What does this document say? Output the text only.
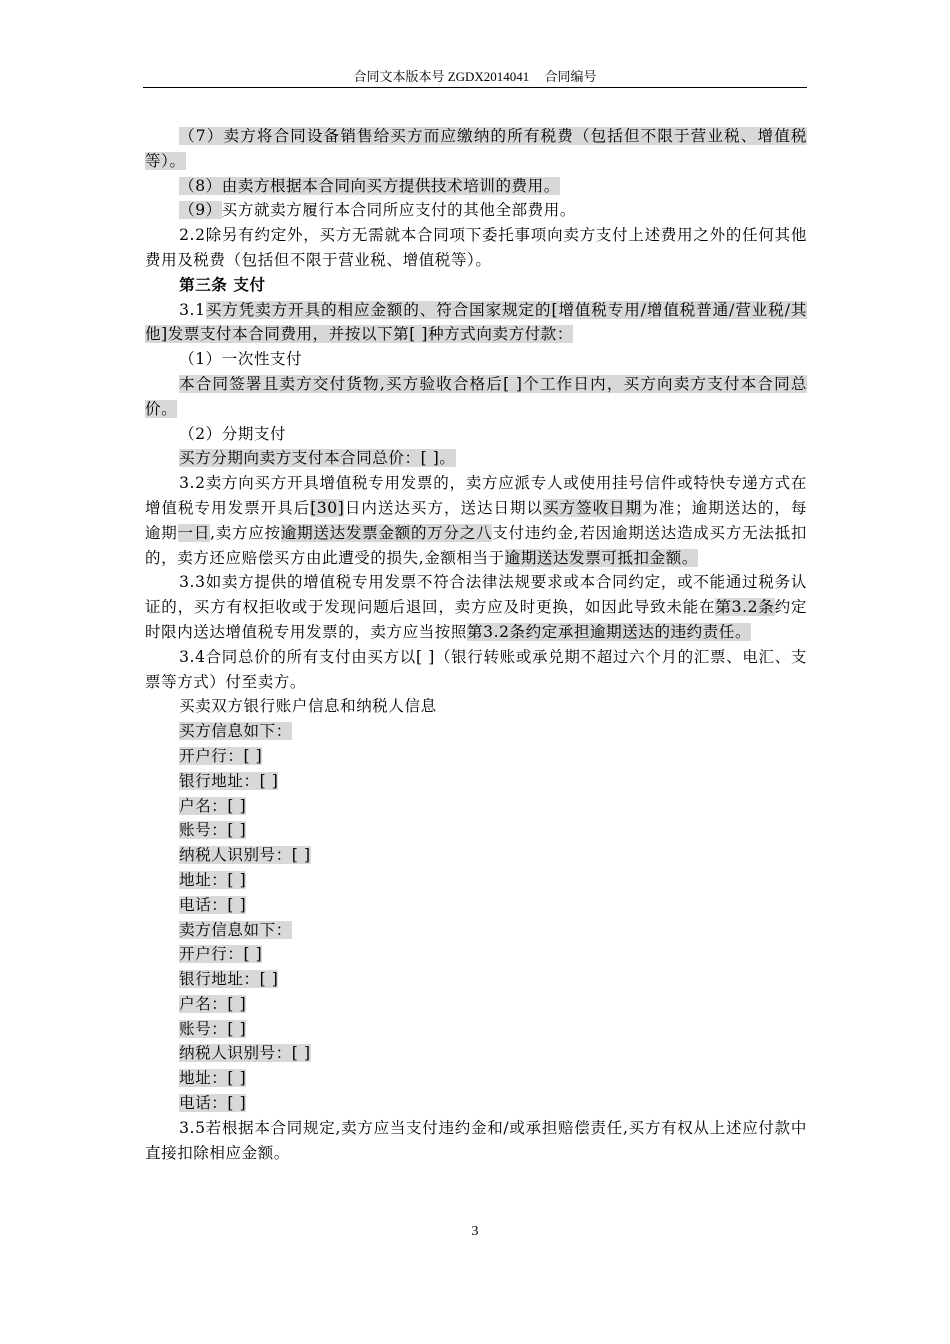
合同文本版本号 ZGDX2014041 合同编号

（7）卖方将合同设备销售给买方而应缴纳的所有税费（包括但不限于营业税、增值税等）。

（8）由卖方根据本合同向买方提供技术培训的费用。

（9）买方就卖方履行本合同所应支付的其他全部费用。

2.2除另有约定外，买方无需就本合同项下委托事项向卖方支付上述费用之外的任何其他费用及税费（包括但不限于营业税、增值税等）。

第三条 支付

3.1买方凭卖方开具的相应金额的、符合国家规定的[增值税专用/增值税普通/营业税/其他]发票支付本合同费用，并按以下第[ ]种方式向卖方付款：

（1）一次性支付

本合同签署且卖方交付货物,买方验收合格后[ ]个工作日内，买方向卖方支付本合同总价。

（2）分期支付

买方分期向卖方支付本合同总价：[ ]。

3.2卖方向买方开具增值税专用发票的，卖方应派专人或使用挂号信件或特快专递方式在增值税专用发票开具后[30]日内送达买方，送达日期以买方签收日期为准；逾期送达的，每逾期一日,卖方应按逾期送达发票金额的万分之八支付违约金,若因逾期送达造成买方无法抵扣的，卖方还应赔偿买方由此遭受的损失,金额相当于逾期送达发票可抵扣金额。

3.3如卖方提供的增值税专用发票不符合法律法规要求或本合同约定，或不能通过税务认证的，买方有权拒收或于发现问题后退回，卖方应及时更换，如因此导致未能在第3.2条约定时限内送达增值税专用发票的，卖方应当按照第3.2条约定承担逾期送达的违约责任。

3.4合同总价的所有支付由买方以[ ]（银行转账或承兑期不超过六个月的汇票、电汇、支票等方式）付至卖方。

买卖双方银行账户信息和纳税人信息

买方信息如下：

开户行：[ ]

银行地址：[ ]

户名：[ ]

账号：[ ]

纳税人识别号：[ ]

地址：[ ]

电话：[ ]

卖方信息如下：

开户行：[ ]

银行地址：[ ]

户名：[ ]

账号：[ ]

纳税人识别号：[ ]

地址：[ ]

电话：[ ]

3.5若根据本合同规定,卖方应当支付违约金和/或承担赔偿责任,买方有权从上述应付款中直接扣除相应金额。

3
